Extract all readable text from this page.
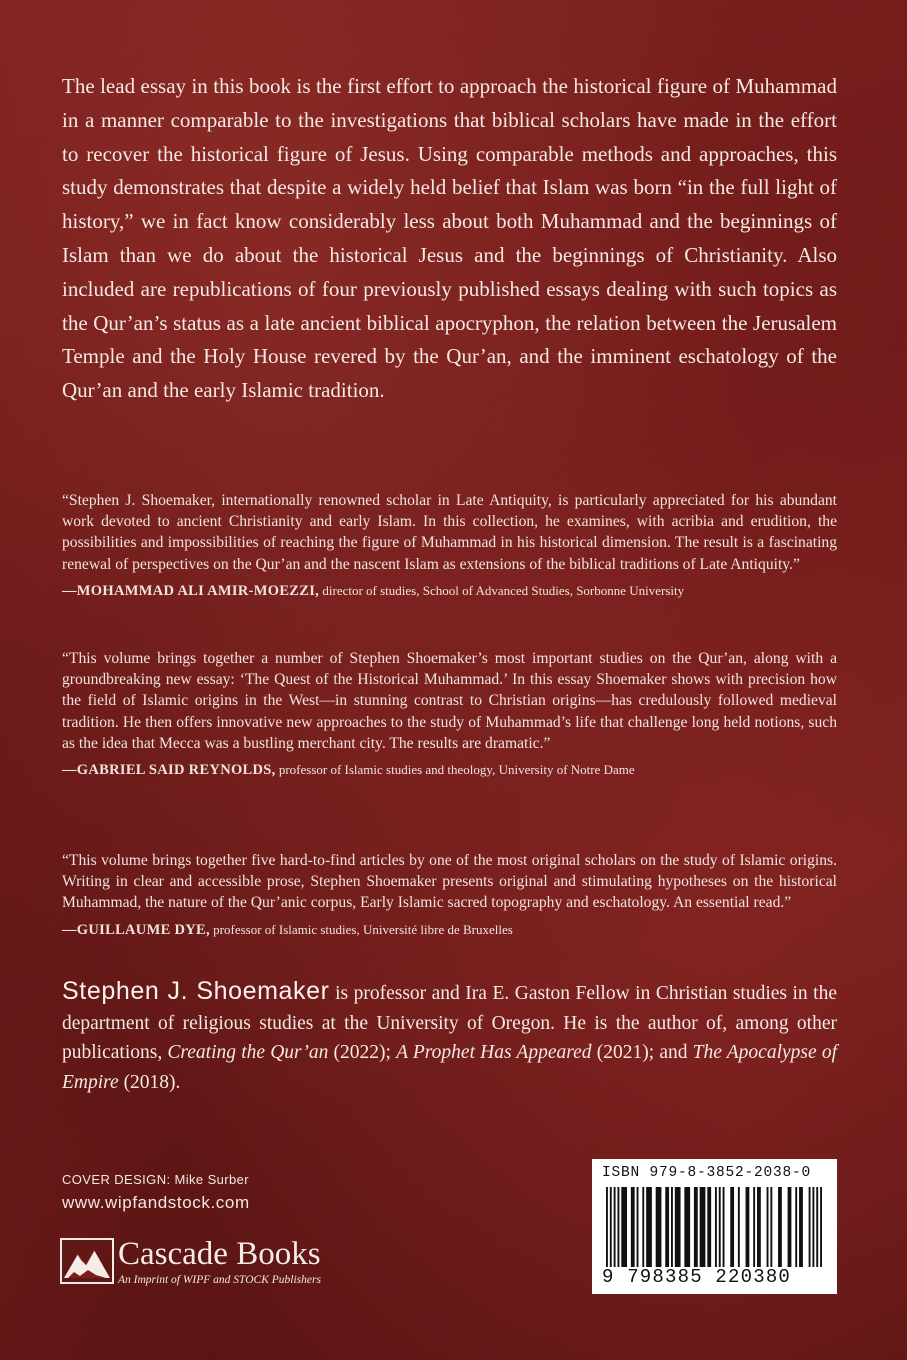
The lead essay in this book is the first effort to approach the historical figure of Muhammad in a manner comparable to the investigations that biblical scholars have made in the effort to recover the historical figure of Jesus. Using comparable methods and approaches, this study demonstrates that despite a widely held belief that Islam was born “in the full light of history,” we in fact know considerably less about both Muhammad and the beginnings of Islam than we do about the historical Jesus and the beginnings of Christianity. Also included are republications of four previously published essays dealing with such topics as the Qur’an’s status as a late ancient biblical apocryphon, the relation between the Jerusalem Temple and the Holy House revered by the Qur’an, and the imminent eschatology of the Qur’an and the early Islamic tradition.

“Stephen J. Shoemaker, internationally renowned scholar in Late Antiquity, is particularly appreciated for his abundant work devoted to ancient Christianity and early Islam. In this collection, he examines, with acribia and erudition, the possibilities and impossibilities of reaching the figure of Muhammad in his historical dimension. The result is a fascinating renewal of perspectives on the Qur’an and the nascent Islam as extensions of the biblical traditions of Late Antiquity.”

—MOHAMMAD ALI AMIR-MOEZZI, director of studies, School of Advanced Studies, Sorbonne University

“This volume brings together a number of Stephen Shoemaker’s most important studies on the Qur’an, along with a groundbreaking new essay: ‘The Quest of the Historical Muhammad.’ In this essay Shoemaker shows with precision how the field of Islamic origins in the West—in stunning contrast to Christian origins—has credulously followed medieval tradition. He then offers innovative new approaches to the study of Muhammad’s life that challenge long held notions, such as the idea that Mecca was a bustling merchant city. The results are dramatic.”

—GABRIEL SAID REYNOLDS, professor of Islamic studies and theology, University of Notre Dame

“This volume brings together five hard-to-find articles by one of the most original scholars on the study of Islamic origins. Writing in clear and accessible prose, Stephen Shoemaker presents original and stimulating hypotheses on the historical Muhammad, the nature of the Qur’anic corpus, Early Islamic sacred topography and eschatology. An essential read.”

—GUILLAUME DYE, professor of Islamic studies, Université libre de Bruxelles

Stephen J. Shoemaker is professor and Ira E. Gaston Fellow in Christian studies in the department of religious studies at the University of Oregon. He is the author of, among other publications, Creating the Qur’an (2022); A Prophet Has Appeared (2021); and The Apocalypse of Empire (2018).

COVER DESIGN: Mike Surber
www.wipfandstock.com
Cascade Books
An Imprint of WIPF and STOCK Publishers
ISBN 979-8-3852-2038-0
9 798385 220380
